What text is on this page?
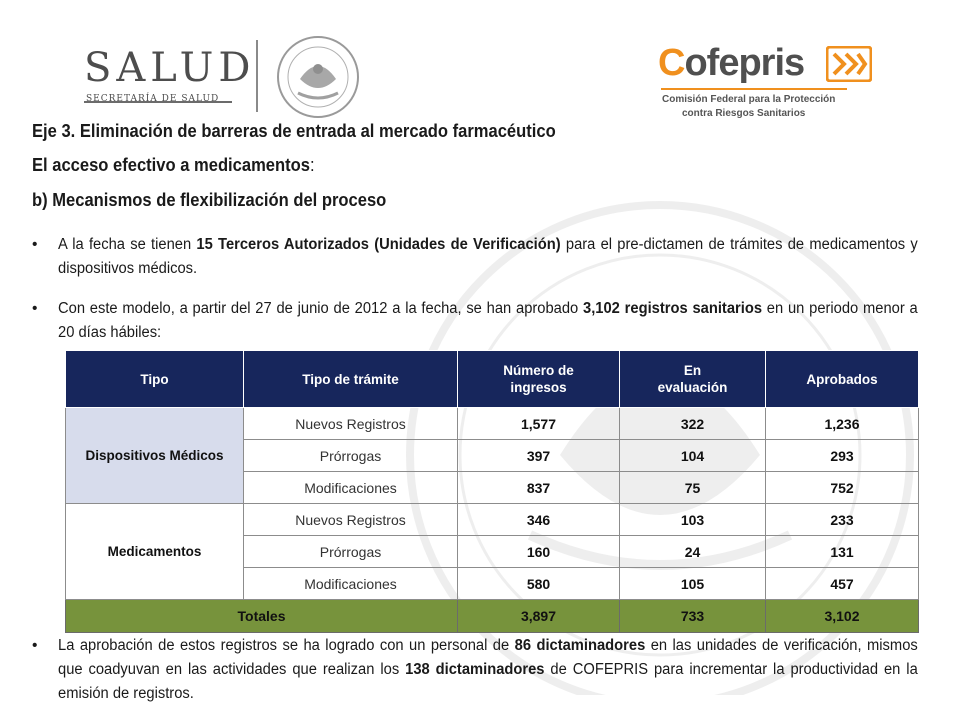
SALUD
SECRETARÍA DE SALUD
Cofepris
Comisión Federal para la Protección
contra Riesgos Sanitarios
Eje 3. Eliminación de barreras de entrada al mercado farmacéutico
El acceso efectivo a medicamentos:
b) Mecanismos de flexibilización del proceso
• A la fecha se tienen 15 Terceros Autorizados (Unidades de Verificación) para el pre-dictamen de trámites de medicamentos y dispositivos médicos.
• Con este modelo, a partir del 27 de junio de 2012 a la fecha, se han aprobado 3,102 registros sanitarios en un periodo menor a 20 días hábiles:
Tipo	Tipo de trámite	Número de ingresos	En evaluación	Aprobados
Dispositivos Médicos	Nuevos Registros	1,577	322	1,236
	Prórrogas	397	104	293
	Modificaciones	837	75	752
Medicamentos	Nuevos Registros	346	103	233
	Prórrogas	160	24	131
	Modificaciones	580	105	457
Totales		3,897	733	3,102
• La aprobación de estos registros se ha logrado con un personal de 86 dictaminadores en las unidades de verificación, mismos que coadyuvan en las actividades que realizan los 138 dictaminadores de COFEPRIS para incrementar la productividad en la emisión de registros.
